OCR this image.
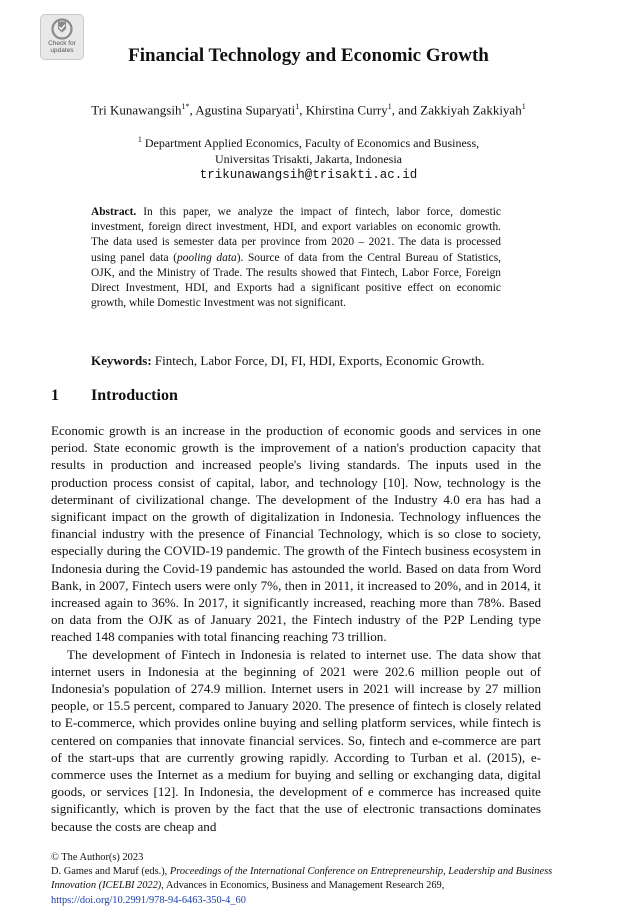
Check for
updates	Financial Technology and Economic Growth
Tri Kunawangsih$^{1*}$, Agustina Suparyati$^1$, Khirstina Curry$^1$, and Zakkiyah Zakkiyah$^1$
$^1$ Department Applied Economics, Faculty of Economics and Business,
Universitas Trisakti, Jakarta, Indonesia
trikunawangsih@trisakti.ac.id

Abstract. In this paper, we analyze the impact of fintech, labor force, domestic investment, foreign direct investment, HDI, and export variables on economic growth. The data used is semester data per province from 2020 – 2021. The data is processed using panel data (pooling data). Source of data from the Central Bureau of Statistics, OJK, and the Ministry of Trade. The results showed that Fintech, Labor Force, Foreign Direct Investment, HDI, and Exports had a significant positive effect on economic growth, while Domestic Investment was not significant.

Keywords: Fintech, Labor Force, DI, FI, HDI, Exports, Economic Growth.

1 Introduction

Economic growth is an increase in the production of economic goods and services in one period. State economic growth is the improvement of a nation's production capacity that results in production and increased people's living standards. The inputs used in the production process consist of capital, labor, and technology [10]. Now, technology is the determinant of civilizational change. The development of the Industry 4.0 era has had a significant impact on the growth of digitalization in Indonesia. Technology influences the financial industry with the presence of Financial Technology, which is so close to society, especially during the COVID-19 pandemic. The growth of the Fintech business ecosystem in Indonesia during the Covid-19 pandemic has astounded the world. Based on data from Word Bank, in 2007, Fintech users were only 7%, then in 2011, it increased to 20%, and in 2014, it increased again to 36%. In 2017, it significantly increased, reaching more than 78%. Based on data from the OJK as of January 2021, the Fintech industry of the P2P Lending type reached 148 companies with total financing reaching 73 trillion.

The development of Fintech in Indonesia is related to internet use. The data show that internet users in Indonesia at the beginning of 2021 were 202.6 million people out of Indonesia's population of 274.9 million. Internet users in 2021 will increase by 27 million people, or 15.5 percent, compared to January 2020. The presence of fintech is closely related to E-commerce, which provides online buying and selling platform services, while fintech is centered on companies that innovate financial services. So, fintech and e-commerce are part of the start-ups that are currently growing rapidly. According to Turban et al. (2015), e-commerce uses the Internet as a medium for buying and selling or exchanging data, digital goods, or services [12]. In Indonesia, the development of e commerce has increased quite significantly, which is proven by the fact that the use of electronic transactions dominates because the costs are cheap and

© The Author(s) 2023
D. Games and Maruf (eds.), Proceedings of the International Conference on Entrepreneurship, Leadership and Business Innovation (ICELBI 2022), Advances in Economics, Business and Management Research 269,
https://doi.org/10.2991/978-94-6463-350-4_60
